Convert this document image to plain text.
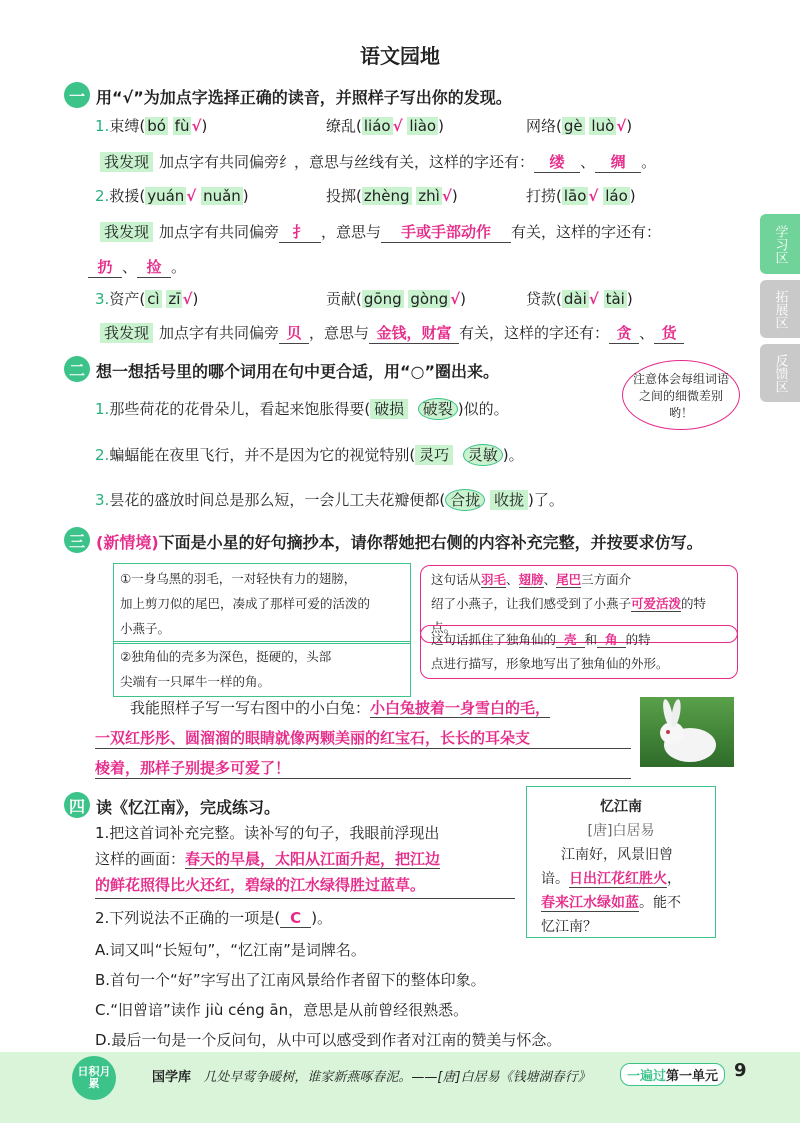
语文园地
学习区
拓展区
反馈区
一 用“√”为加点字选择正确的读音，并照样子写出你的发现。
1.束缚( bó fù √)	缭乱( liáo √ liào )	网络( gè luò √)
我发现 加点字有共同偏旁纟，意思与丝线有关，这样的字还有： 缕 、 绸 。
2.救援( yuán √ nuǎn )	投掷( zhèng zhì √)	打捞( lāo √ láo )
我发现 加点字有共同偏旁 扌 ，意思与 手或手部动作 有关，这样的字还有：
扔 、 捡 。
3.资产( cì zī √)	贡献( gōng gòng √)	贷款( dài √ tài )
我发现 加点字有共同偏旁 贝 ，意思与 金钱，财富 有关，这样的字还有： 贪 、 货
二 想一想括号里的哪个词用在句中更合适，用“○”圈出来。	注意体会每组词语之间的细微差别哟！
1.那些荷花的花骨朵儿，看起来饱胀得要( 破损 破裂 )似的。
2.蝙蝠能在夜里飞行，并不是因为它的视觉特别( 灵巧 灵敏 )。
3.昙花的盛放时间总是那么短，一会儿工夫花瓣便都( 合拢 收拢 )了。
三 (新情境)下面是小星的好句摘抄本，请你帮她把右侧的内容补充完整，并按要求仿写。
①一身乌黑的羽毛，一对轻快有力的翅膀，
加上剪刀似的尾巴，凑成了那样可爱的活泼的
小燕子。
②独角仙的壳多为深色，挺硬的，头部
尖端有一只犀牛一样的角。
这句话从羽毛、翅膀、尾巴三方面介
绍了小燕子，让我们感受到了小燕子可爱活泼的特点。
这句话抓住了独角仙的 壳 和 角 的特
点进行描写，形象地写出了独角仙的外形。
我能照样子写一写右图中的小白兔：小白兔披着一身雪白的毛，
一双红彤彤、圆溜溜的眼睛就像两颗美丽的红宝石，长长的耳朵支
棱着，那样子别提多可爱了！
四 读《忆江南》，完成练习。
1.把这首词补充完整。读补写的句子，我眼前浮现出
这样的画面：春天的早晨，太阳从江面升起，把江边
的鲜花照得比火还红，碧绿的江水绿得胜过蓝草。
2.下列说法不正确的一项是( C )。
A.词又叫“长短句”，“忆江南”是词牌名。
B.首句一个“好”字写出了江南风景给作者留下的整体印象。
C.“旧曾谙”读作 jiù céng ān，意思是从前曾经很熟悉。
D.最后一句是一个反问句，从中可以感受到作者对江南的赞美与怀念。
忆江南
[唐]白居易
江南好，风景旧曾
谙。日出江花红胜火，
春来江水绿如蓝。能不
忆江南？
日积月累	国学库 几处早莺争暖树，谁家新燕啄春泥。——[唐]白居易《钱塘湖春行》	一遍过第一单元 9
